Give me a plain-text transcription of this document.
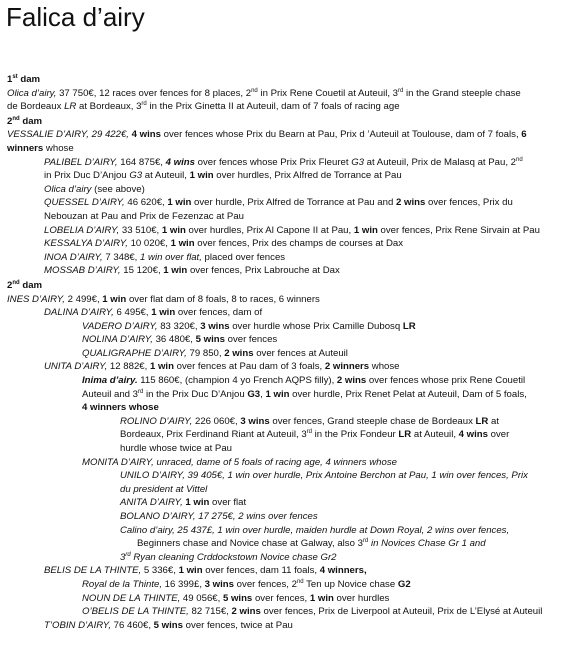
Falica d’airy
1st dam
Olica d’airy, 37 750€, 12 races over fences for 8 places, 2nd in Prix Rene Couetil at Auteuil, 3rd in the Grand steeple chase
de Bordeaux LR at Bordeaux, 3rd in the Prix Ginetta II at Auteuil, dam of 7 foals of racing age
2nd dam
VESSALIE D’AIRY, 29 422€, 4 wins over fences whose Prix du Bearn at Pau, Prix d ’Auteuil at Toulouse, dam of 7 foals, 6
winners whose
PALIBEL D’AIRY, 164 875€, 4 wins over fences whose Prix Prix Fleuret G3 at Auteuil, Prix de Malasq at Pau, 2nd
in Prix Duc D’Anjou G3 at Auteuil, 1 win over hurdles, Prix Alfred de Torrance at Pau
Olica d’airy (see above)
QUESSEL D’AIRY, 46 620€, 1 win over hurdle, Prix Alfred de Torrance at Pau and 2 wins over fences, Prix du
Nebouzan at Pau and Prix de Fezenzac at Pau
LOBELIA D’AIRY, 33 510€, 1 win over hurdles, Prix Al Capone II at Pau, 1 win over fences, Prix Rene Sirvain at Pau
KESSALYA D’AIRY, 10 020€, 1 win over fences, Prix des champs de courses at Dax
INOA D’AIRY, 7 348€, 1 win over flat, placed over fences
MOSSAB D’AIRY, 15 120€, 1 win over fences, Prix Labrouche at Dax
2nd dam
INES D’AIRY, 2 499€, 1 win over flat dam of 8 foals, 8 to races, 6 winners
DALINA D’AIRY, 6 495€, 1 win over fences, dam of
VADERO D’AIRY, 83 320€, 3 wins over hurdle whose Prix Camille Dubosq LR
NOLINA D’AIRY, 36 480€, 5 wins over fences
QUALIGRAPHE D’AIRY, 79 850, 2 wins over fences at Auteuil
UNITA D’AIRY, 12 882€, 1 win over fences at Pau dam of 3 foals, 2 winners whose
Inima d’airy. 115 860€, (champion 4 yo French AQPS filly), 2 wins over fences whose prix Rene Couetil
Auteuil and 3rd in the Prix Duc D’Anjou G3, 1 win over hurdle, Prix Renet Pelat at Auteuil, Dam of 5 foals,
4 winners whose
ROLINO D’AIRY, 226 060€, 3 wins over fences, Grand steeple chase de Bordeaux LR at
Bordeaux, Prix Ferdinand Riant at Auteuil, 3rd in the Prix Fondeur LR at Auteuil, 4 wins over
hurdle whose twice at Pau
MONITA D’AIRY, unraced, dame of 5 foals of racing age, 4 winners whose
UNILO D’AIRY, 39 405€, 1 win over hurdle, Prix Antoine Berchon at Pau, 1 win over fences, Prix
du president at Vittel
ANITA D’AIRY, 1 win over flat
BOLANO D’AIRY, 17 275€, 2 wins over fences
Calino d’airy, 25 437£, 1 win over hurdle, maiden hurdle at Down Royal, 2 wins over fences,
Beginners chase and Novice chase at Galway, also 3rd in Novices Chase Gr 1 and
3rd Ryan cleaning Crddockstown Novice chase Gr2
BELIS DE LA THINTE, 5 336€, 1 win over fences, dam 11 foals, 4 winners,
Royal de la Thinte, 16 399£, 3 wins over fences, 2nd Ten up Novice chase G2
NOUN DE LA THINTE, 49 056€, 5 wins over fences, 1 win over hurdles
O’BELIS DE LA THINTE, 82 715€, 2 wins over fences, Prix de Liverpool at Auteuil, Prix de L’Elysé at Auteuil
T’OBIN D’AIRY, 76 460€, 5 wins over fences, twice at Pau
